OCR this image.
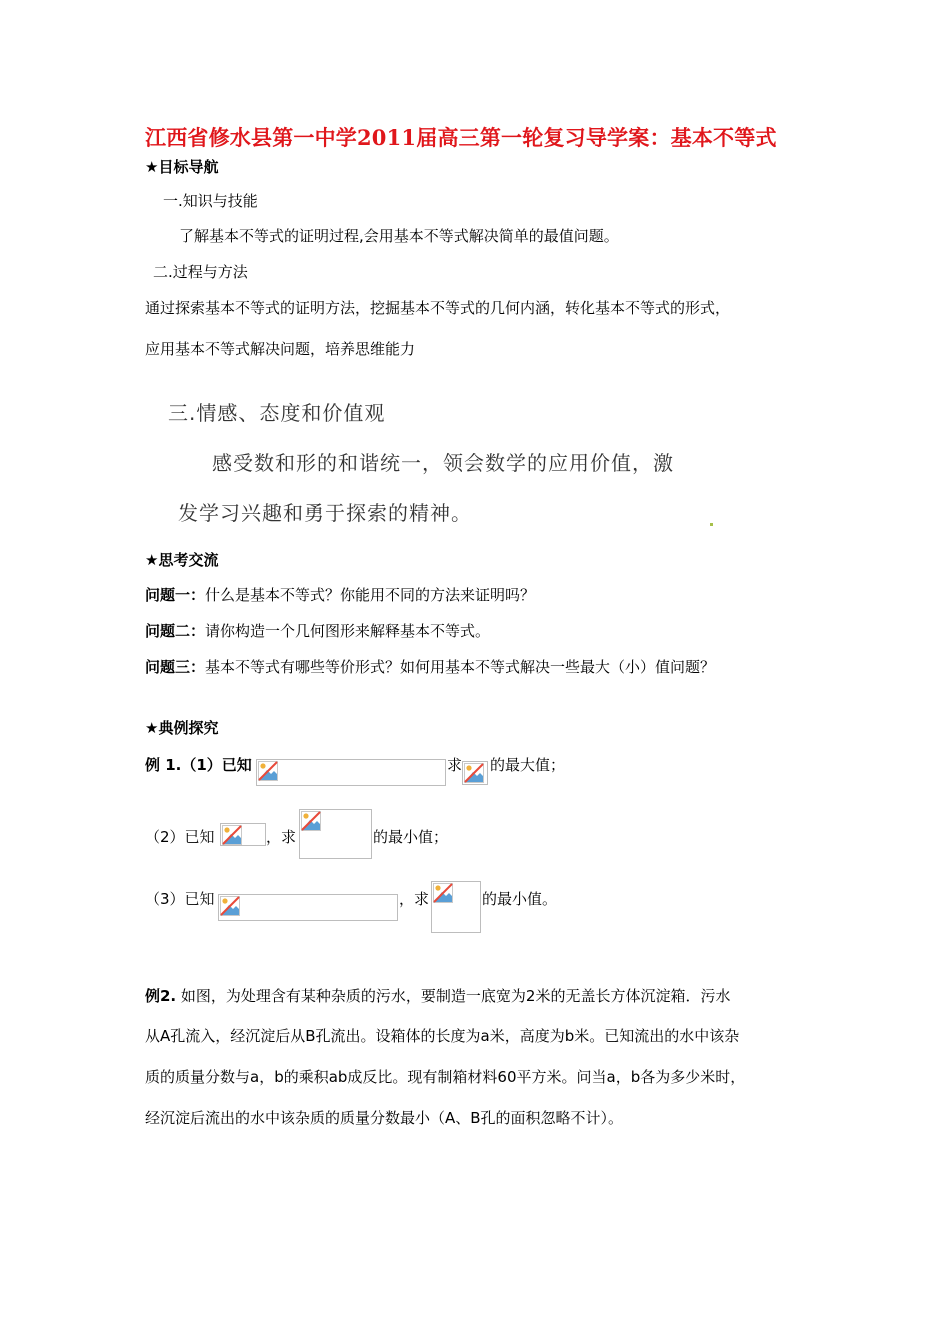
江西省修水县第一中学2011届高三第一轮复习导学案：基本不等式
★目标导航
一.知识与技能
了解基本不等式的证明过程,会用基本不等式解决简单的最值问题。
二.过程与方法
通过探索基本不等式的证明方法，挖掘基本不等式的几何内涵，转化基本不等式的形式，
应用基本不等式解决问题，培养思维能力
三.情感、态度和价值观
感受数和形的和谐统一，领会数学的应用价值，激
发学习兴趣和勇于探索的精神。
★思考交流
问题一：什么是基本不等式？你能用不同的方法来证明吗？
问题二：请你构造一个几何图形来解释基本不等式。
问题三：基本不等式有哪些等价形式？如何用基本不等式解决一些最大（小）值问题？
★典例探究
例 1.（1）已知	求 的最大值；
（2）已知	，求	的最小值；
（3）已知	，求	的最小值。
例2. 如图，为处理含有某种杂质的污水，要制造一底宽为2米的无盖长方体沉淀箱．污水
从A孔流入，经沉淀后从B孔流出。设箱体的长度为a米，高度为b米。已知流出的水中该杂
质的质量分数与a，b的乘积ab成反比。现有制箱材料60平方米。问当a，b各为多少米时，
经沉淀后流出的水中该杂质的质量分数最小（A、B孔的面积忽略不计）。
